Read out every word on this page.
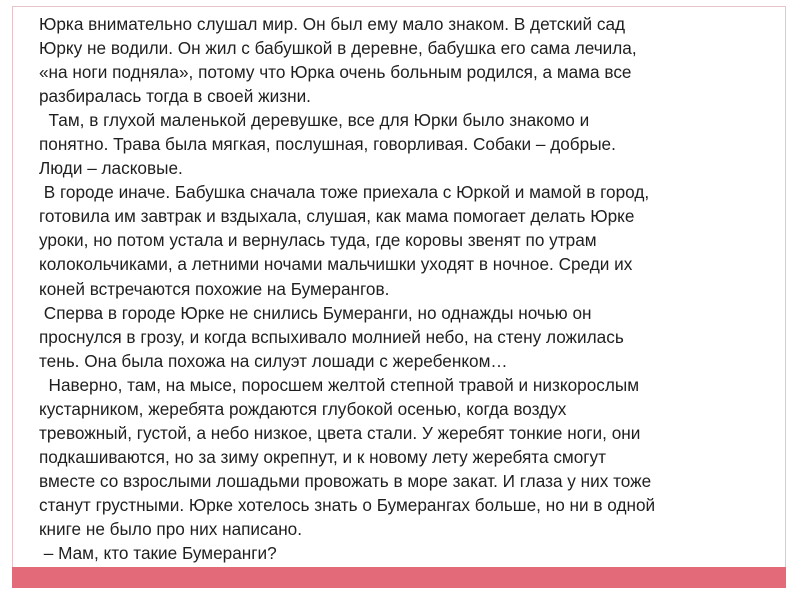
Юрка внимательно слушал мир. Он был ему мало знаком. В детский сад
Юрку не водили. Он жил с бабушкой в деревне, бабушка его сама лечила,
«на ноги подняла», потому что Юрка очень больным родился, а мама все
разбиралась тогда в своей жизни.
Там, в глухой маленькой деревушке, все для Юрки было знакомо и
понятно. Трава была мягкая, послушная, говорливая. Собаки – добрые.
Люди – ласковые.
В городе иначе. Бабушка сначала тоже приехала с Юркой и мамой в город,
готовила им завтрак и вздыхала, слушая, как мама помогает делать Юрке
уроки, но потом устала и вернулась туда, где коровы звенят по утрам
колокольчиками, а летними ночами мальчишки уходят в ночное. Среди их
коней встречаются похожие на Бумерангов.
Сперва в городе Юрке не снились Бумеранги, но однажды ночью он
проснулся в грозу, и когда вспыхивало молнией небо, на стену ложилась
тень. Она была похожа на силуэт лошади с жеребенком…
Наверно, там, на мысе, поросшем желтой степной травой и низкорослым
кустарником, жеребята рождаются глубокой осенью, когда воздух
тревожный, густой, а небо низкое, цвета стали. У жеребят тонкие ноги, они
подкашиваются, но за зиму окрепнут, и к новому лету жеребята смогут
вместе со взрослыми лошадьми провожать в море закат. И глаза у них тоже
станут грустными. Юрке хотелось знать о Бумерангах больше, но ни в одной
книге не было про них написано.
– Мам, кто такие Бумеранги?
